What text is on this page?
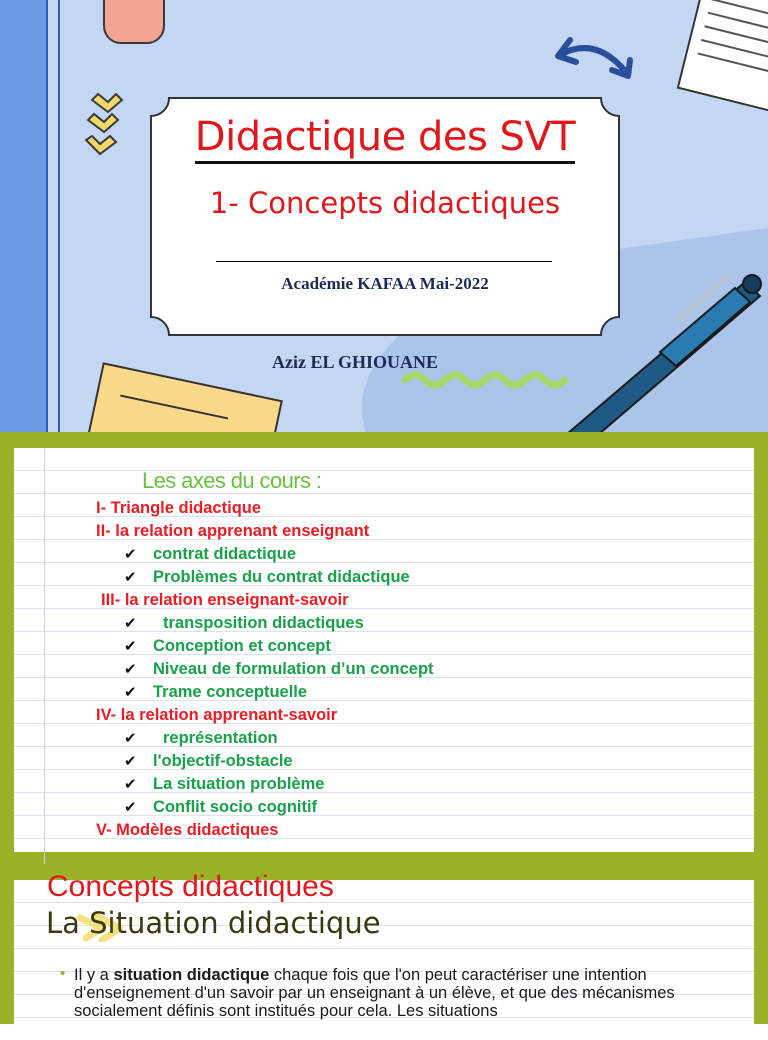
Didactique des SVT
1- Concepts didactiques
Académie KAFAA Mai-2022
Aziz EL GHIOUANE
Les axes du cours :
I- Triangle didactique
II- la relation apprenant enseignant
✔ contrat didactique
✔ Problèmes du contrat didactique
III- la relation enseignant-savoir
✔ transposition didactiques
✔ Conception et concept
✔ Niveau de formulation d’un concept
✔ Trame conceptuelle
IV- la relation apprenant-savoir
✔ représentation
✔ l'objectif-obstacle
✔ La situation problème
✔ Conflit socio cognitif
V- Modèles didactiques
Concepts didactiques
La Situation didactique
• Il y a situation didactique chaque fois que l'on peut caractériser une intention d'enseignement d'un savoir par un enseignant à un élève, et que des mécanismes socialement définis sont institués pour cela. Les situations
